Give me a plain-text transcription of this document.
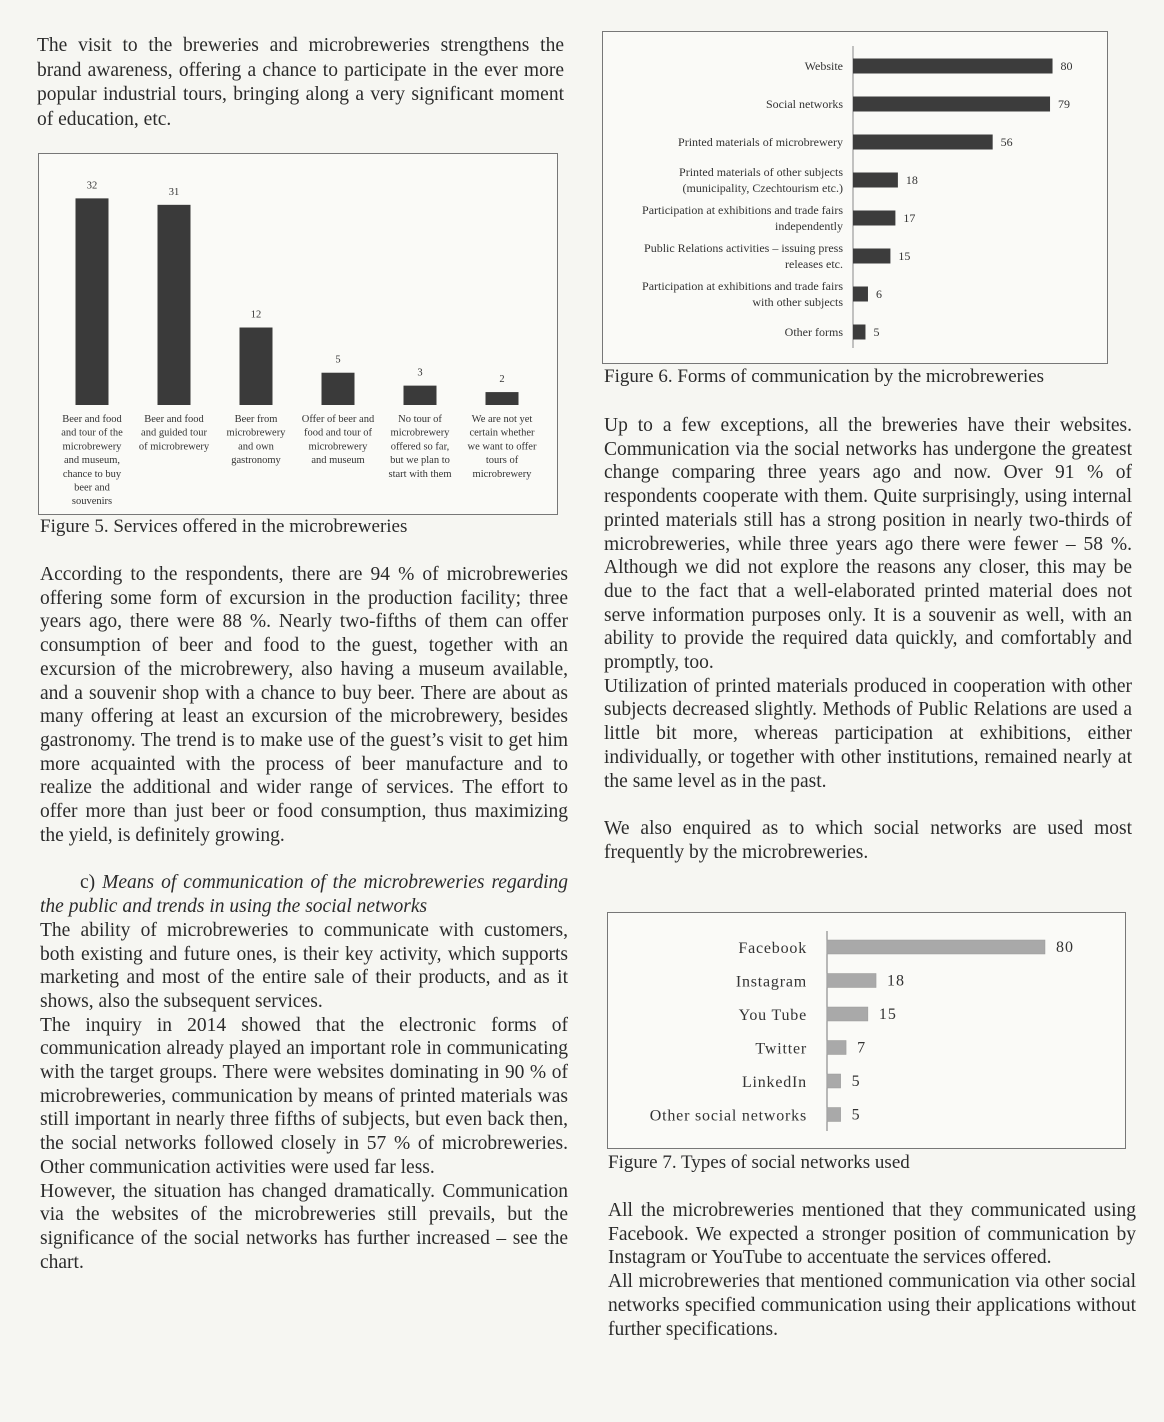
The visit to the breweries and microbreweries strengthens the brand awareness, offering a chance to participate in the ever more popular industrial tours, bringing along a very significant moment of education, etc.

32
Beer and food
and tour of the
microbrewery
and museum,
chance to buy
beer and
souvenirs
31
Beer and food
and guided tour
of microbrewery
12
Beer from
microbrewery
and own
gastronomy
5
Offer of beer and
food and tour of
microbrewery
and museum
3
No tour of
microbrewery
offered so far,
but we plan to
start with them
2
We are not yet
certain whether
we want to offer
tours of
microbrewery
Figure 5. Services offered in the microbreweries

According to the respondents, there are 94 % of microbreweries offering some form of excursion in the production facility; three years ago, there were 88 %. Nearly two-fifths of them can offer consumption of beer and food to the guest, together with an excursion of the microbrewery, also having a museum available, and a souvenir shop with a chance to buy beer. There are about as many offering at least an excursion of the microbrewery, besides gastronomy. The trend is to make use of the guest’s visit to get him more acquainted with the process of beer manufacture and to realize the additional and wider range of services. The effort to offer more than just beer or food consumption, thus maximizing the yield, is definitely growing.

c) Means of communication of the microbreweries regarding the public and trends in using the social networks

The ability of microbreweries to communicate with customers, both existing and future ones, is their key activity, which supports marketing and most of the entire sale of their products, and as it shows, also the subsequent services.

The inquiry in 2014 showed that the electronic forms of communication already played an important role in communicating with the target groups. There were websites dominating in 90 % of microbreweries, communication by means of printed materials was still important in nearly three fifths of subjects, but even back then, the social networks followed closely in 57 % of microbreweries. Other communication activities were used far less.

However, the situation has changed dramatically. Communication via the websites of the microbreweries still prevails, but the significance of the social networks has further increased – see the chart.

80
Website
79
Social networks
56
Printed materials of microbrewery
18
Printed materials of other subjects
(municipality, Czechtourism etc.)
17
Participation at exhibitions and trade fairs
independently
15
Public Relations activities – issuing press
releases etc.
6
Participation at exhibitions and trade fairs
with other subjects
5
Other forms
Figure 6. Forms of communication by the microbreweries

Up to a few exceptions, all the breweries have their websites. Communication via the social networks has undergone the greatest change comparing three years ago and now. Over 91 % of respondents cooperate with them. Quite surprisingly, using internal printed materials still has a strong position in nearly two-thirds of microbreweries, while three years ago there were fewer – 58 %. Although we did not explore the reasons any closer, this may be due to the fact that a well-elaborated printed material does not serve information purposes only. It is a souvenir as well, with an ability to provide the required data quickly, and comfortably and promptly, too.

Utilization of printed materials produced in cooperation with other subjects decreased slightly. Methods of Public Relations are used a little bit more, whereas participation at exhibitions, either individually, or together with other institutions, remained nearly at the same level as in the past.

We also enquired as to which social networks are used most frequently by the microbreweries.

80
Facebook
18
Instagram
15
You Tube
7
Twitter
5
LinkedIn
5
Other social networks
Figure 7. Types of social networks used

All the microbreweries mentioned that they communicated using Facebook. We expected a stronger position of communication by Instagram or YouTube to accentuate the services offered.

All microbreweries that mentioned communication via other social networks specified communication using their applications without further specifications.
